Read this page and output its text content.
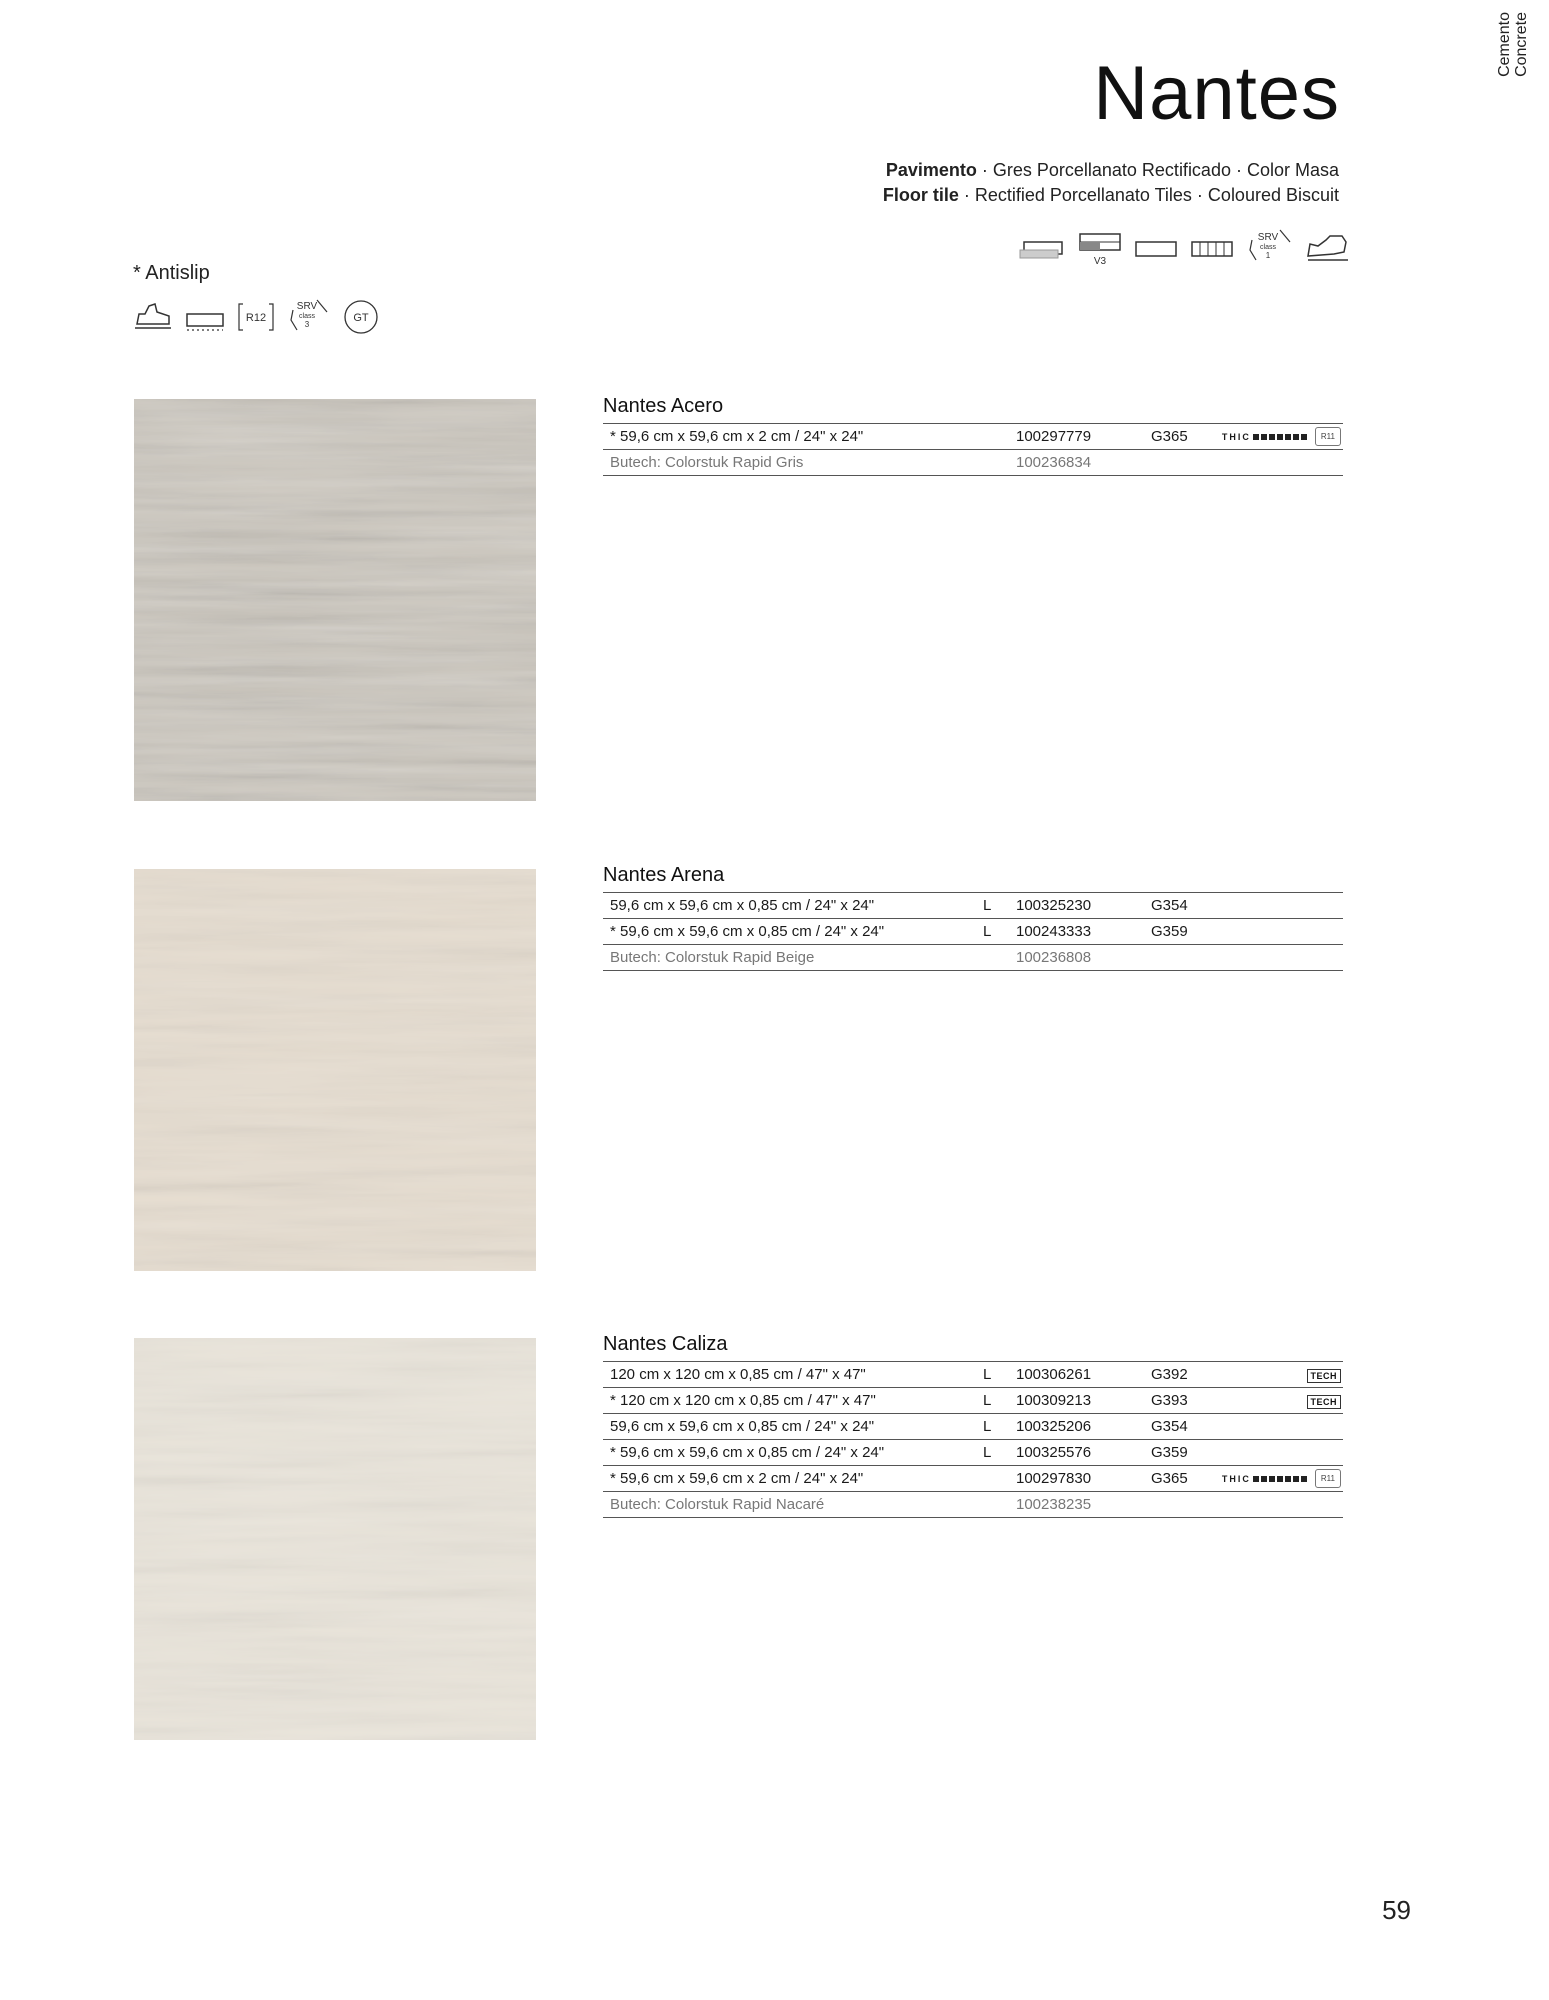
Cemento Concrete
Nantes
Pavimento · Gres Porcellanato Rectificado · Color Masa
Floor tile · Rectified Porcellanato Tiles · Coloured Biscuit
V3
SRV
class
1
* Antislip
R12
SRV
class
3
GT
Nantes Acero
* 59,6 cm x 59,6 cm x 2 cm / 24" x 24"		100297779	G365	THIC R11
Butech: Colorstuk Rapid Gris		100236834		
Nantes Arena
59,6 cm x 59,6 cm x 0,85 cm / 24" x 24"	L	100325230	G354	
* 59,6 cm x 59,6 cm x 0,85 cm / 24" x 24"	L	100243333	G359	
Butech: Colorstuk Rapid Beige		100236808		
Nantes Caliza
120 cm x 120 cm x 0,85 cm / 47" x 47"	L	100306261	G392	TECH
* 120 cm x 120 cm x 0,85 cm / 47" x 47"	L	100309213	G393	TECH
59,6 cm x 59,6 cm x 0,85 cm / 24" x 24"	L	100325206	G354	
* 59,6 cm x 59,6 cm x 0,85 cm / 24" x 24"	L	100325576	G359	
* 59,6 cm x 59,6 cm x 2 cm / 24" x 24"		100297830	G365	THIC R11
Butech: Colorstuk Rapid Nacaré		100238235		
59
